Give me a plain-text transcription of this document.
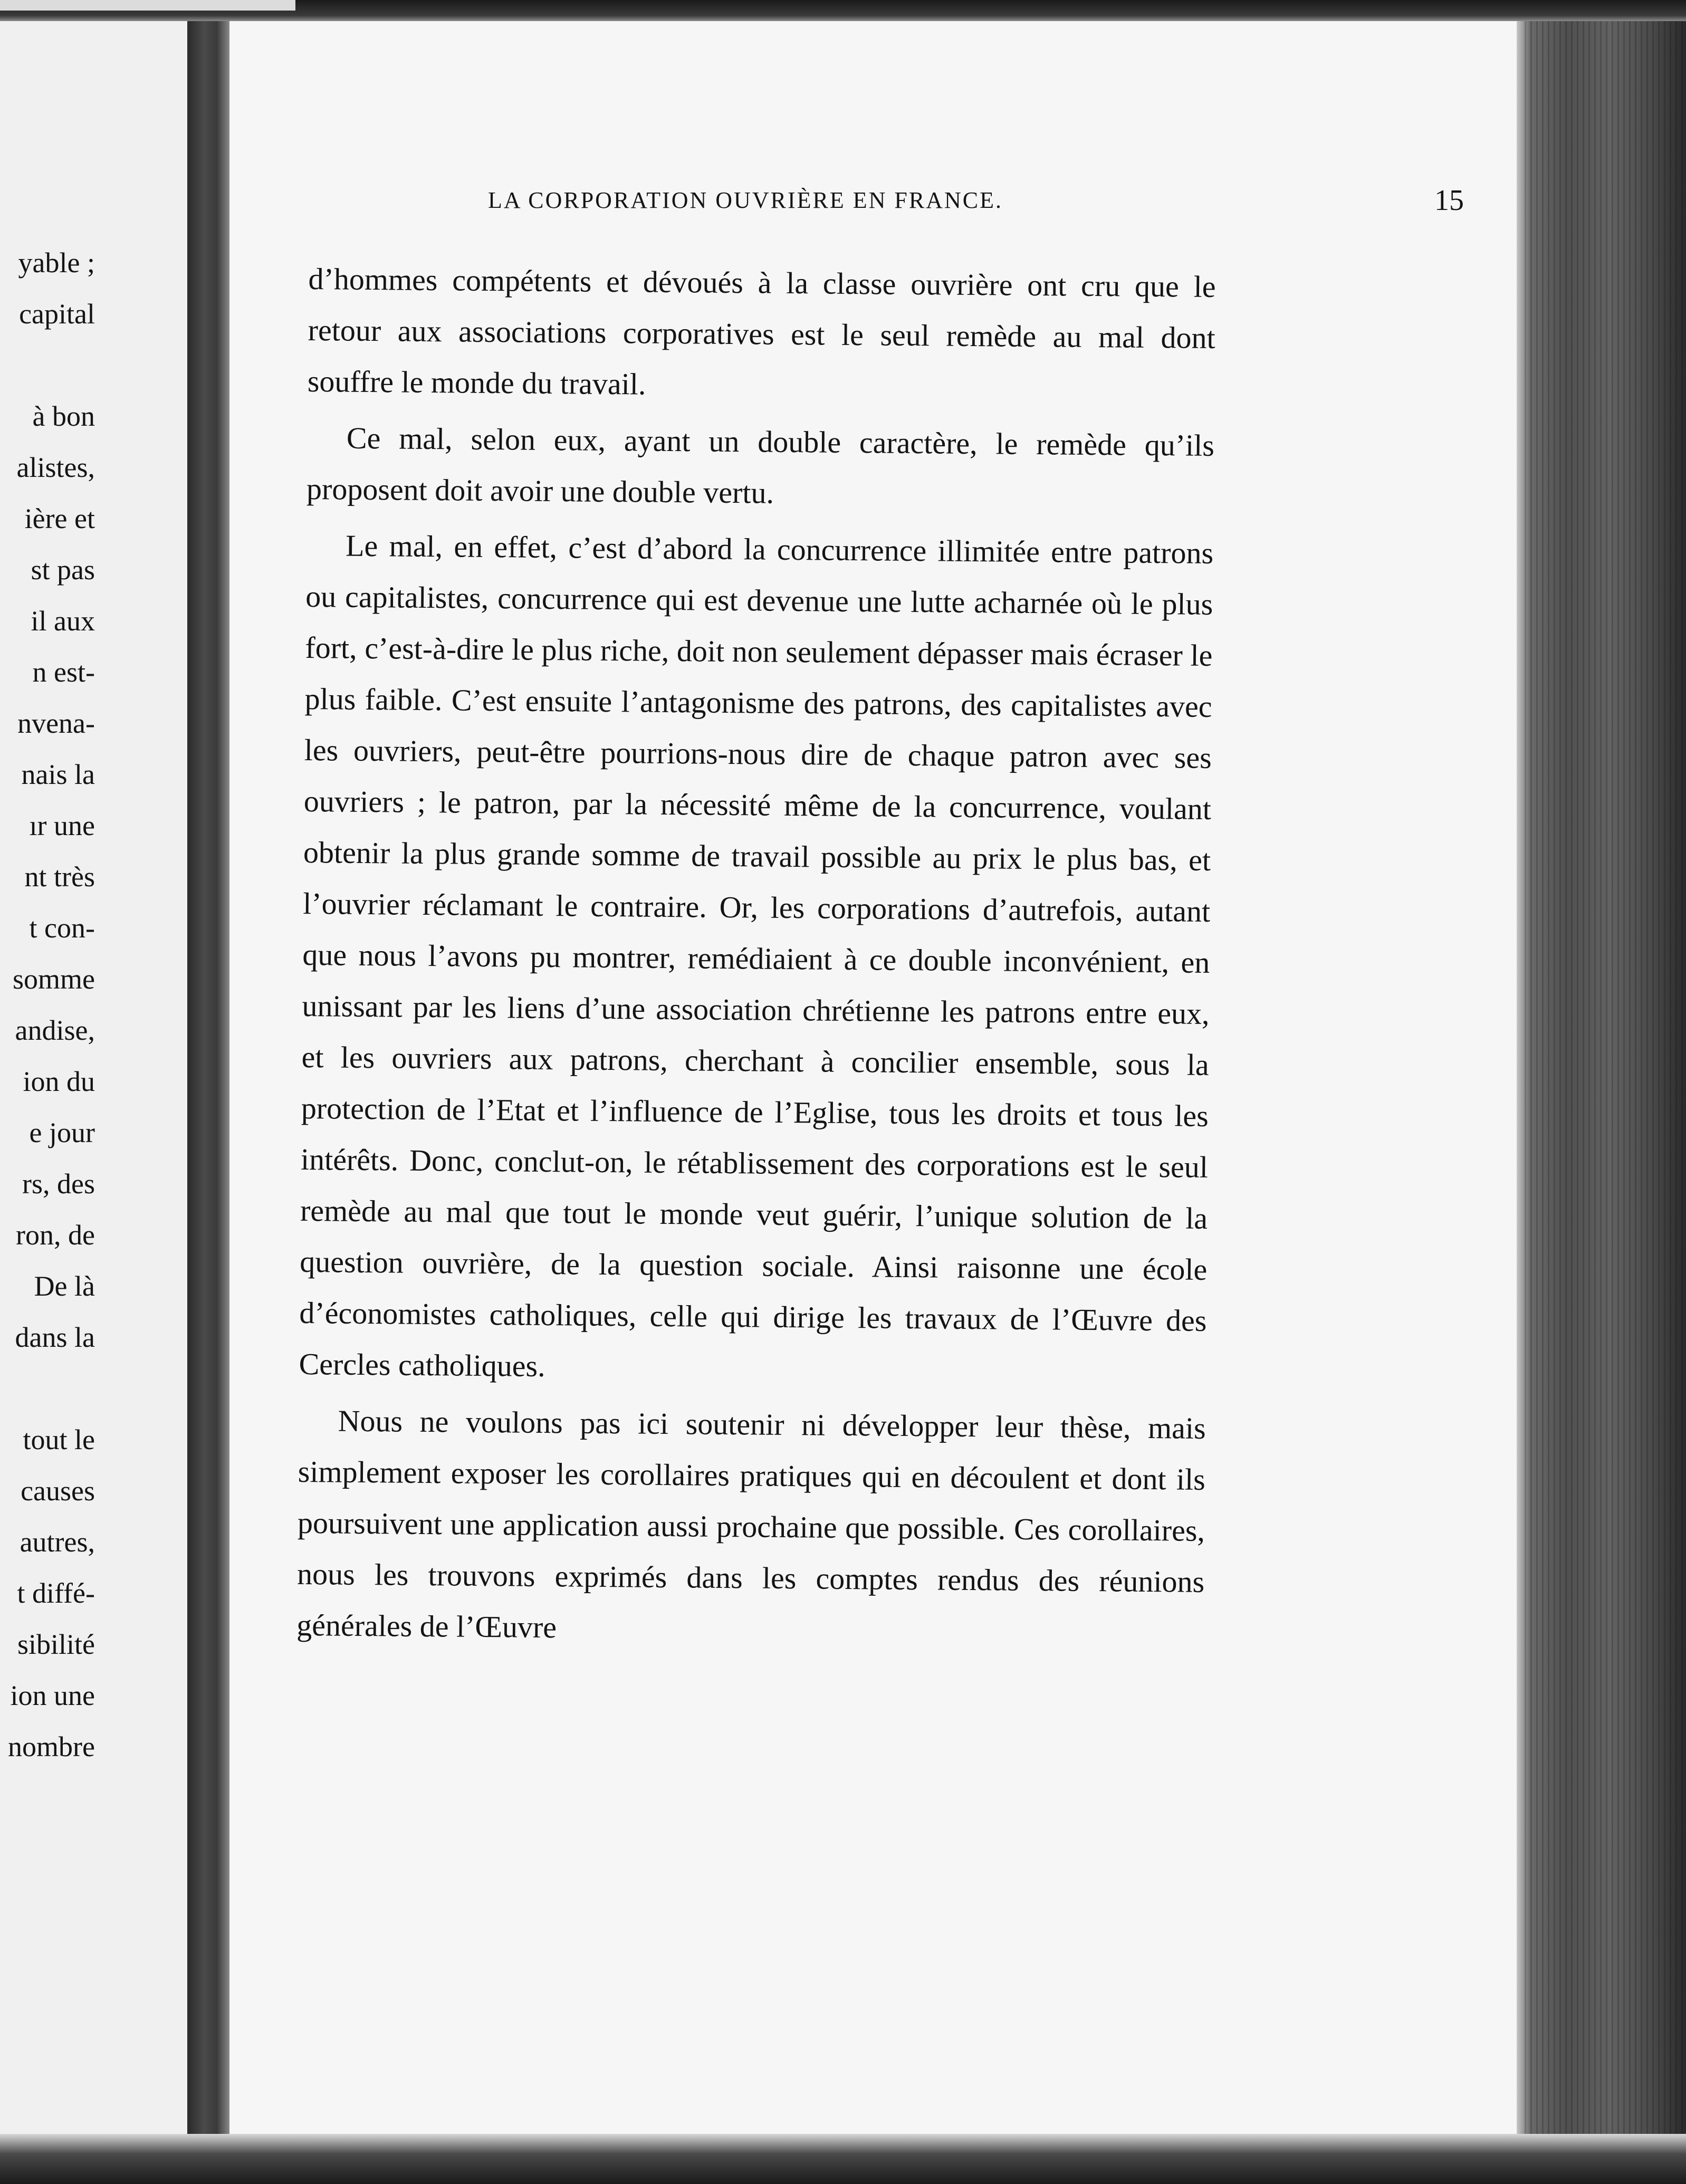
yable ;
capital
à bon
alistes,
ière et
st pas
il aux
n est-
nvena-
nais la
ır une
nt très
t con-
somme
andise,
ion du
e jour
rs, des
ron, de
De là
dans la
tout le
causes
autres,
t diffé-
sibilité
ion une
nombre
LA CORPORATION OUVRIÈRE EN FRANCE.	15

d’hommes compétents et dévoués à la classe ouvrière ont cru que le retour aux associations corporatives est le seul remède au mal dont souffre le monde du travail.

Ce mal, selon eux, ayant un double caractère, le remède qu’ils proposent doit avoir une double vertu.

Le mal, en effet, c’est d’abord la concurrence illimitée entre patrons ou capitalistes, concurrence qui est devenue une lutte acharnée où le plus fort, c’est-à-dire le plus riche, doit non seulement dépasser mais écraser le plus faible. C’est ensuite l’antagonisme des patrons, des capitalistes avec les ouvriers, peut-être pourrions-nous dire de chaque patron avec ses ouvriers ; le patron, par la nécessité même de la concurrence, voulant obtenir la plus grande somme de travail possible au prix le plus bas, et l’ouvrier réclamant le contraire. Or, les corporations d’autrefois, autant que nous l’avons pu montrer, remédiaient à ce double inconvénient, en unissant par les liens d’une association chrétienne les patrons entre eux, et les ouvriers aux patrons, cherchant à concilier ensemble, sous la protection de l’Etat et l’influence de l’Eglise, tous les droits et tous les intérêts. Donc, conclut-on, le rétablissement des corporations est le seul remède au mal que tout le monde veut guérir, l’unique solution de la question ouvrière, de la question sociale. Ainsi raisonne une école d’économistes catholiques, celle qui dirige les travaux de l’Œuvre des Cercles catholiques.

Nous ne voulons pas ici soutenir ni développer leur thèse, mais simplement exposer les corollaires pratiques qui en découlent et dont ils poursuivent une application aussi prochaine que possible. Ces corollaires, nous les trouvons exprimés dans les comptes rendus des réunions générales de l’Œuvre
